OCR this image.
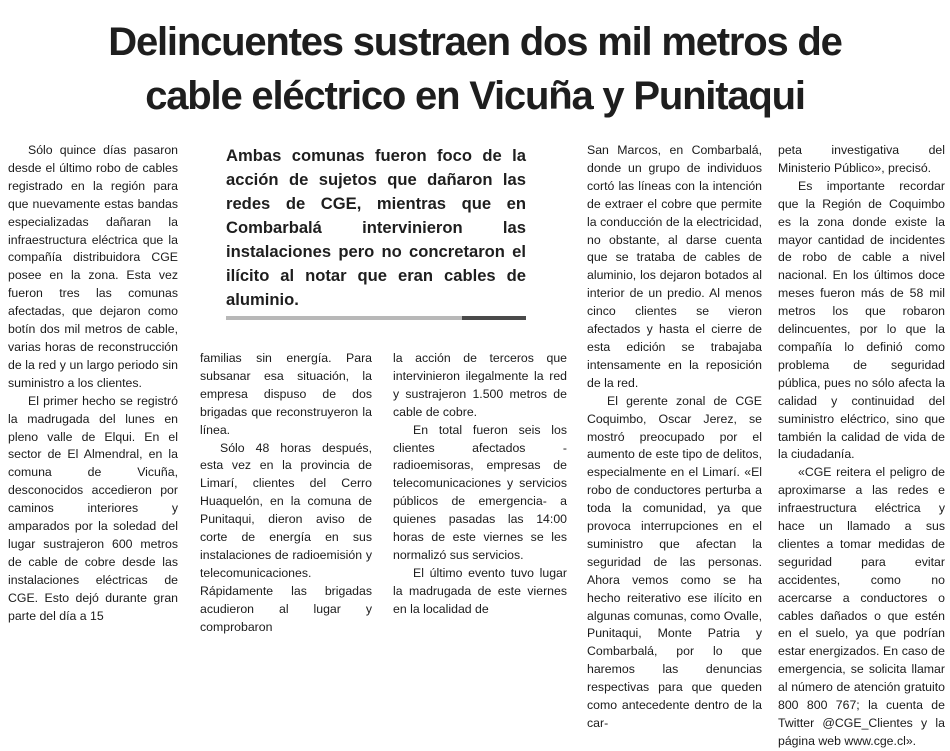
Delincuentes sustraen dos mil metros de
cable eléctrico en Vicuña y Punitaqui

Sólo quince días pasaron desde el último robo de cables registrado en la región para que nuevamente estas bandas especializadas dañaran la infraestructura eléctrica que la compañía distribuidora CGE posee en la zona. Esta vez fueron tres las comunas afectadas, que dejaron como botín dos mil metros de cable, varias horas de reconstrucción de la red y un largo periodo sin suministro a los clientes.

El primer hecho se registró la madrugada del lunes en pleno valle de Elqui. En el sector de El Almendral, en la comuna de Vicuña, desconocidos accedieron por caminos interiores y amparados por la soledad del lugar sustrajeron 600 metros de cable de cobre desde las instalaciones eléctricas de CGE. Esto dejó durante gran parte del día a 15

Ambas comunas fueron foco de la acción de sujetos que dañaron las redes de CGE, mientras que en Combarbalá intervinieron las instalaciones pero no concretaron el ilícito al notar que eran cables de aluminio.

familias sin energía. Para subsanar esa situación, la empresa dispuso de dos brigadas que reconstruyeron la línea.

Sólo 48 horas después, esta vez en la provincia de Limarí, clientes del Cerro Huaquelón, en la comuna de Punitaqui, dieron aviso de corte de energía en sus instalaciones de radioemisión y telecomunicaciones. Rápidamente las brigadas acudieron al lugar y comprobaron

la acción de terceros que intervinieron ilegalmente la red y sustrajeron 1.500 metros de cable de cobre.

En total fueron seis los clientes afectados -radioemisoras, empresas de telecomunicaciones y servicios públicos de emergencia- a quienes pasadas las 14:00 horas de este viernes se les normalizó sus servicios.

El último evento tuvo lugar la madrugada de este viernes en la localidad de

San Marcos, en Combarbalá, donde un grupo de individuos cortó las líneas con la intención de extraer el cobre que permite la conducción de la electricidad, no obstante, al darse cuenta que se trataba de cables de aluminio, los dejaron botados al interior de un predio. Al menos cinco clientes se vieron afectados y hasta el cierre de esta edición se trabajaba intensamente en la reposición de la red.

El gerente zonal de CGE Coquimbo, Oscar Jerez, se mostró preocupado por el aumento de este tipo de delitos, especialmente en el Limarí. «El robo de conductores perturba a toda la comunidad, ya que provoca interrupciones en el suministro que afectan la seguridad de las personas. Ahora vemos como se ha hecho reiterativo ese ilícito en algunas comunas, como Ovalle, Punitaqui, Monte Patria y Combarbalá, por lo que haremos las denuncias respectivas para que queden como antecedente dentro de la car-

peta investigativa del Ministerio Público», precisó.

Es importante recordar que la Región de Coquimbo es la zona donde existe la mayor cantidad de incidentes de robo de cable a nivel nacional. En los últimos doce meses fueron más de 58 mil metros los que robaron delincuentes, por lo que la compañía lo definió como problema de seguridad pública, pues no sólo afecta la calidad y continuidad del suministro eléctrico, sino que también la calidad de vida de la ciudadanía.

«CGE reitera el peligro de aproximarse a las redes e infraestructura eléctrica y hace un llamado a sus clientes a tomar medidas de seguridad para evitar accidentes, como no acercarse a conductores o cables dañados o que estén en el suelo, ya que podrían estar energizados. En caso de emergencia, se solicita llamar al número de atención gratuito 800 800 767; la cuenta de Twitter @CGE_Clientes y la página web www.cge.cl».
